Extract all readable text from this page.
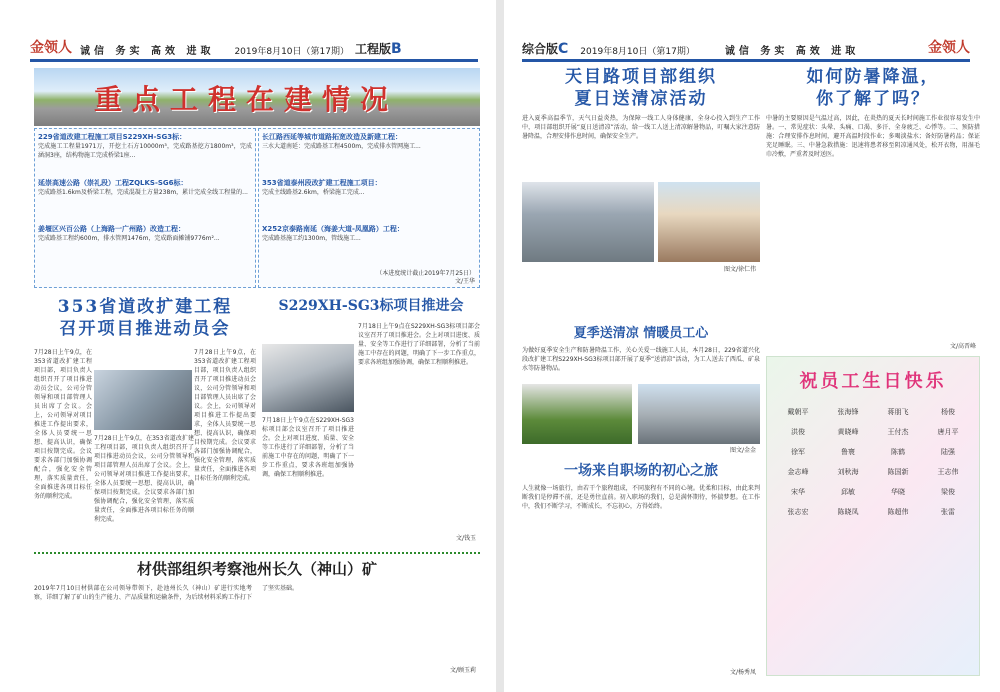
金领人 诚信 务实 高效 进取 2019年8月10日（第17期） 工程版B
重点工程在建情况
229省道改建工程施工项目S229XH-SG3标：
完成施工工程量1971万，开挖土石方10000m³，完成路基挖方1800m³，完成涵洞3座，结构物施工完成桥梁1座...
延崇高速公路（崇礼段）工程ZQLKS-SG6标：
完成路基1.6km及桥梁工程，完成混凝土方量238m，累计完成全线工程量的...
姜堰区兴百公路（上海路一广州路）改造工程：
完成路基工程约600m，排水管网1476m，完成路面摊铺9776m²...
长江路西延等城市道路拓宽改造及新建工程：
三水大道南延：完成路基工程4500m，完成排水管网施工...
353省道泰州段改扩建工程施工项目：
完成主线路基2.6km，桥梁施工完成...
X252京泰路南延（海姜大道-凤凰路）工程：
完成路基施工约1300m，管线施工...
（本进度统计截止2019年7月25日）
文/王华
353省道改扩建工程
召开项目推进动员会
7月28日上午9点，在353省道改扩建工程项目部，项目负责人组织召开了项目推进动员会议，公司分管领导和项目部管理人员出席了会议。会上，公司领导对项目推进工作提出要求，全体人员要统一思想、提高认识，确保项目按期完成。会议要求各部门加强协调配合，强化安全管理，落实质量责任，全面推进各项目标任务的顺利完成。
7月28日上午9点，在353省道改扩建工程项目部，项目负责人组织召开了项目推进动员会议，公司分管领导和项目部管理人员出席了会议。会上，公司领导对项目推进工作提出要求，全体人员要统一思想、提高认识，确保项目按期完成。会议要求各部门加强协调配合，强化安全管理，落实质量责任，全面推进各项目标任务的顺利完成。
7月28日上午9点，在353省道改扩建工程项目部，项目负责人组织召开了项目推进动员会议，公司分管领导和项目部管理人员出席了会议。会上，公司领导对项目推进工作提出要求，全体人员要统一思想、提高认识，确保项目按期完成。会议要求各部门加强协调配合，强化安全管理，落实质量责任，全面推进各项目标任务的顺利完成。
S229XH-SG3标项目推进会
7月18日上午9点在S229XH-SG3标项目部会议室召开了项目推进会。会上对项目进度、质量、安全等工作进行了详细部署，分析了当前施工中存在的问题，明确了下一步工作重点，要求各班组加强协调，确保工程顺利推进。
7月18日上午9点在S229XH-SG3标项目部会议室召开了项目推进会。会上对项目进度、质量、安全等工作进行了详细部署，分析了当前施工中存在的问题，明确了下一步工作重点，要求各班组加强协调，确保工程顺利推进。
文/钱玉
材供部组织考察池州长久（神山）矿
2019年7月10日材供部在公司领导带领下，赴池州长久（神山）矿进行实地考察，详细了解了矿山的生产能力、产品质量和运输条件，为后续材料采购工作打下了坚实基础。
文/顾玉莉
综合版C 2019年8月10日（第17期）	诚信 务实 高效 进取	金领人
天目路项目部组织
夏日送清凉活动
进入夏季高温季节，天气日益炎热，为保障一线工人身体健康，全身心投入到生产工作中，项目部组织开展“夏日送清凉”活动，给一线工人送上清凉解暑物品，叮嘱大家注意防暑降温，合理安排作息时间，确保安全生产。
图文/徐仁伟
如何防暑降温，
你了解了吗？
中暑的主要原因是气温过高，因此，在炎热的夏天长时间施工作业很容易发生中暑。一、常见症状：头晕、头痛、口渴、多汗、全身疲乏、心悸等。二、预防措施：合理安排作息时间，避开高温时段作业；多喝淡盐水；备好防暑药品；保证充足睡眠。三、中暑急救措施：迅速将患者移至阴凉通风处，松开衣物，用湿毛巾冷敷，严重者及时送医。
文/高晋峰
夏季送清凉 情暖员工心
为做好夏季安全生产和防暑降温工作，关心关爱一线施工人员，本月28日，229省道兴化段改扩建工程S229XH-SG3标项目部开展了夏季“送清凉”活动，为工人送去了西瓜、矿泉水等防暑物品。
图文/金金
一场来自职场的初心之旅
人生就像一场旅行，由若干个旅程组成，不同旅程有不同的心境。优柔和目标，由此来判断我们是停滞不前，还是勇往直前。初入职场的我们，总是满怀期待，怀揣梦想。在工作中，我们不断学习，不断成长，不忘初心，方得始终。
文/杨秀凤
祝员工生日快乐
戴朝平	张海锋	蒋朋飞	杨俊
洪俊	黄晓峰	王付杰	唐月平
徐军	鲁寰	陈鹤	陆强
金志峰	刘秋海	陈国新	王志伟
宋华	邱敏	华晓	梁俊
张志宏	陈晓凤	陈超伟	张雷
